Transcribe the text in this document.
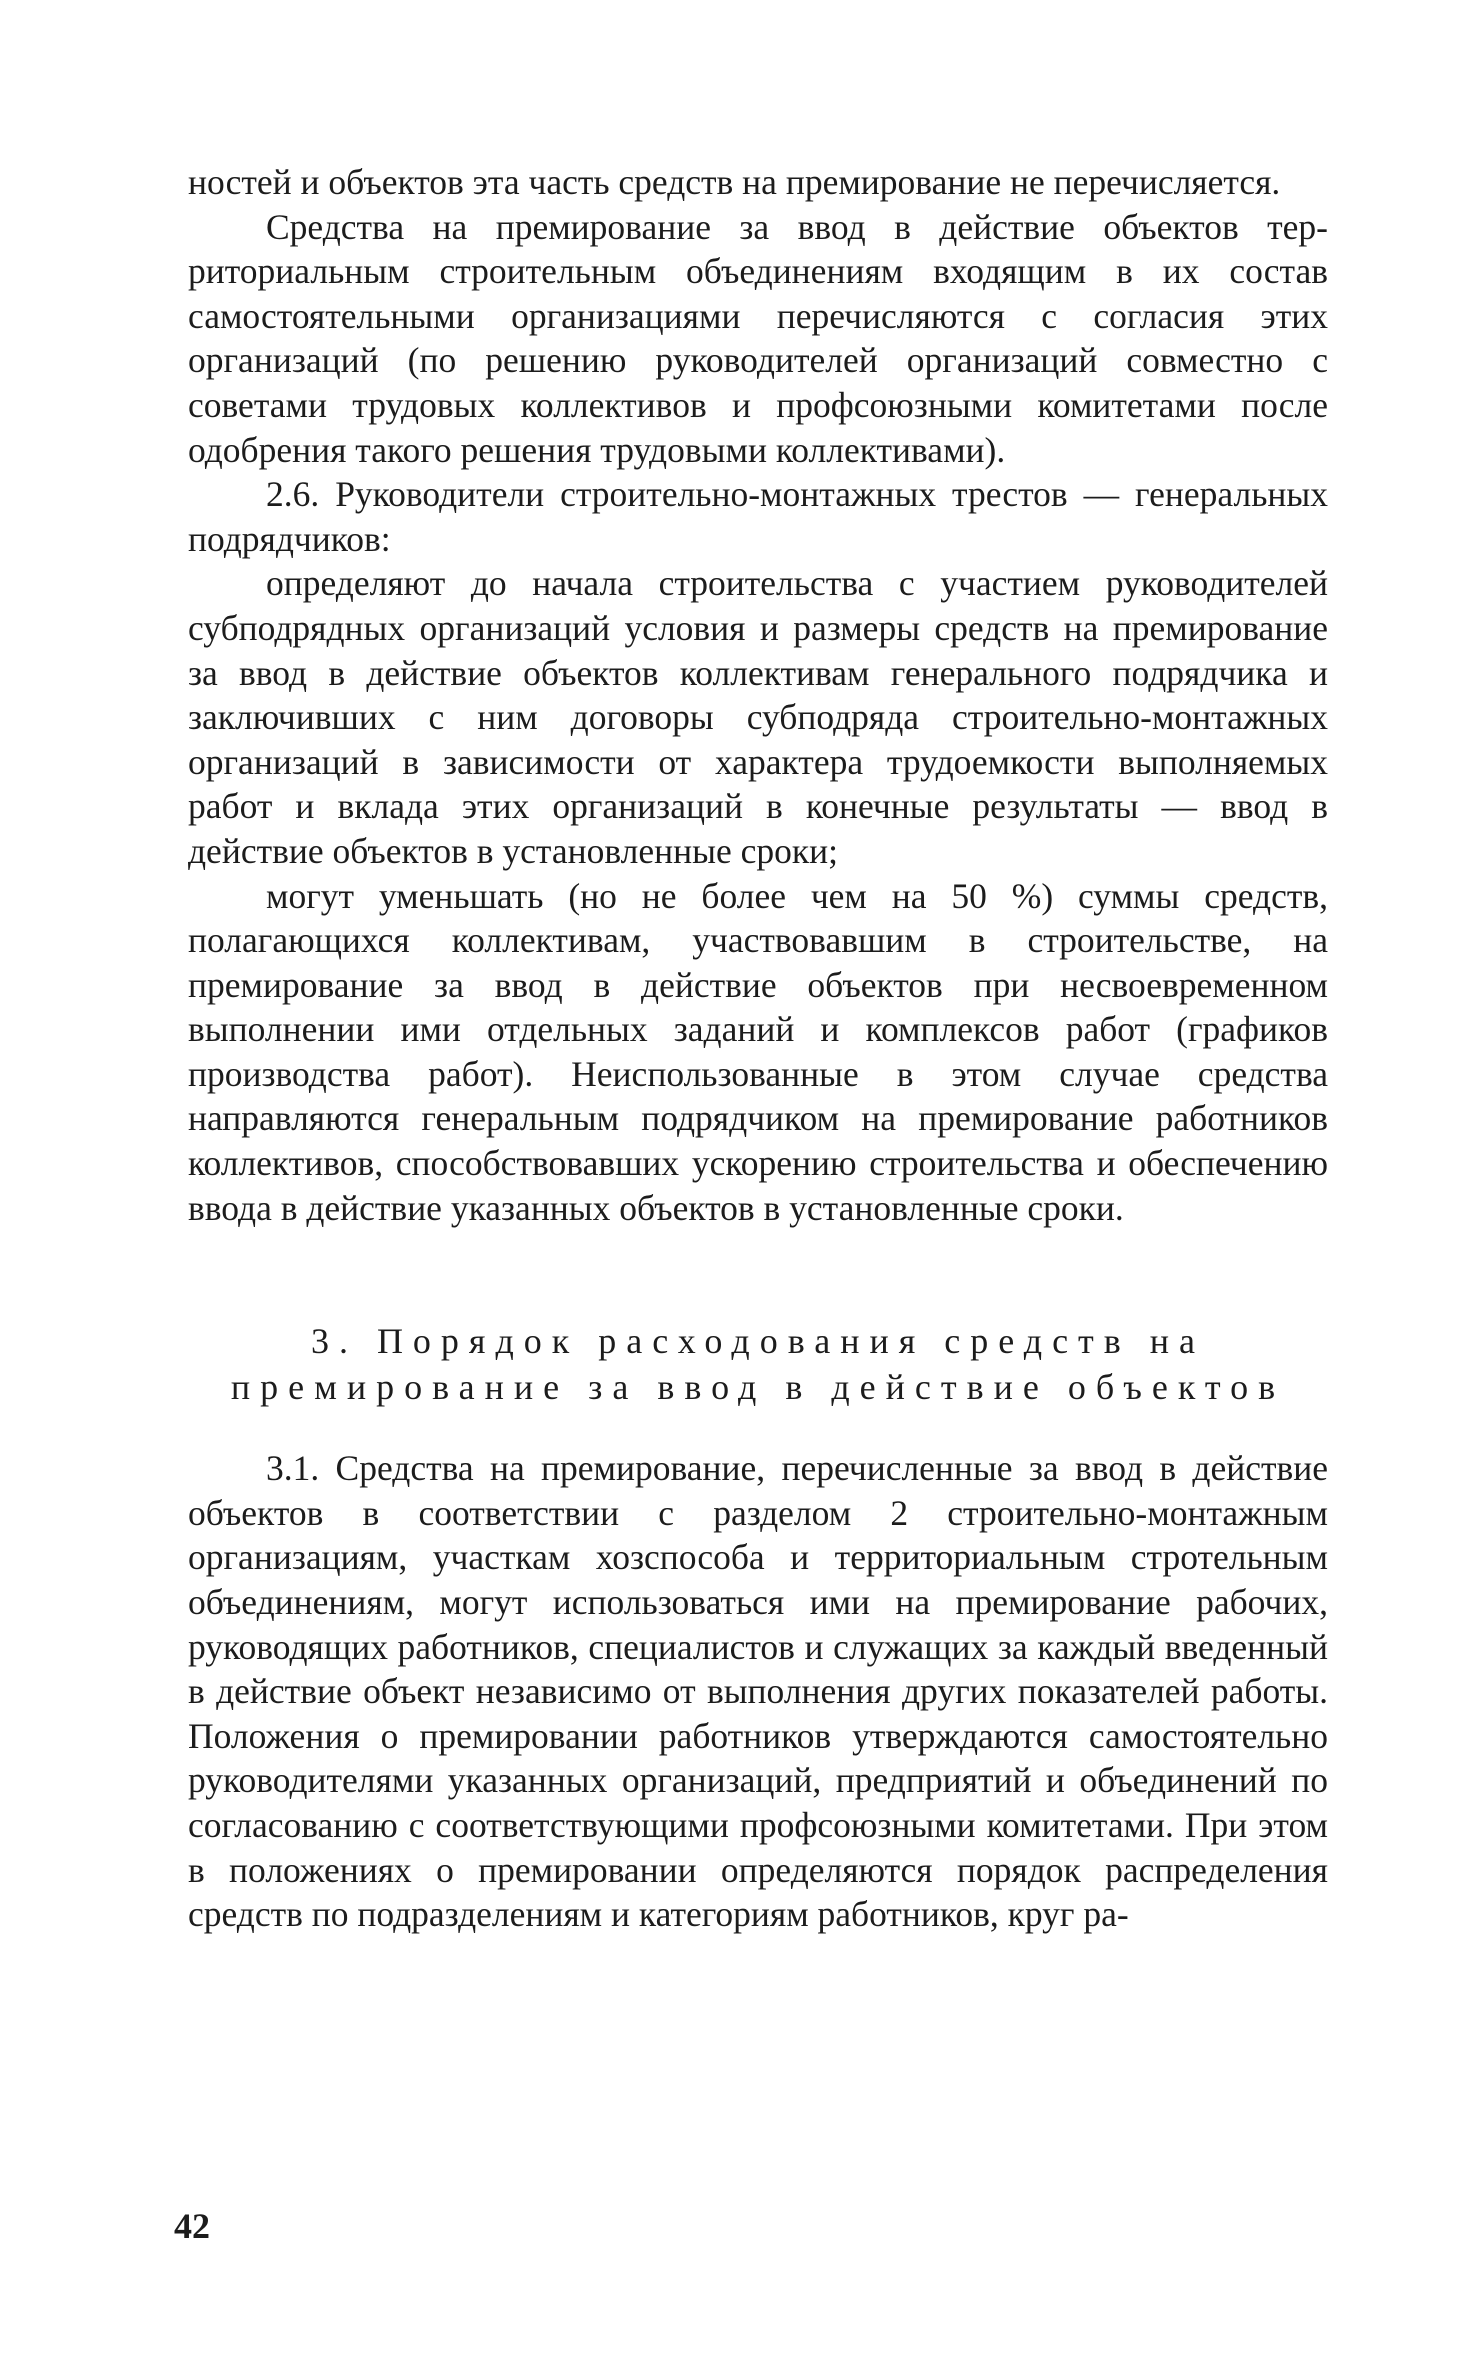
ностей и объектов эта часть средств на премирование не перечисляется.

Средства на премирование за ввод в действие объектов территориальным строительным объединениям входящим в их состав самостоятельными организациями перечисляются с согласия этих организаций (по решению руководителей организаций совместно с советами трудовых коллективов и профсоюзными комитетами после одобрения такого решения трудовыми коллективами).

2.6. Руководители строительно-монтажных трестов — генеральных подрядчиков:

определяют до начала строительства с участием руководителей субподрядных организаций условия и размеры средств на премирование за ввод в действие объектов коллективам генерального подрядчика и заключивших с ним договоры субподряда строительно-монтажных организаций в зависимости от характера трудоемкости выполняемых работ и вклада этих организаций в конечные результаты — ввод в действие объектов в установленные сроки;

могут уменьшать (но не более чем на 50 %) суммы средств, полагающихся коллективам, участвовавшим в строительстве, на премирование за ввод в действие объектов при несвоевременном выполнении ими отдельных заданий и комплексов работ (графиков производства работ). Неиспользованные в этом случае средства направляются генеральным подрядчиком на премирование работников коллективов, способствовавших ускорению строительства и обеспечению ввода в действие указанных объектов в установленные сроки.

3. Порядок расходования средств на

премирование за ввод в действие объектов

3.1. Средства на премирование, перечисленные за ввод в действие объектов в соответствии с разделом 2 строительно-монтажным организациям, участкам хозспособа и территориальным стротельным объединениям, могут использоваться ими на премирование рабочих, руководящих работников, специалистов и служащих за каждый введенный в действие объект независимо от выполнения других показателей работы. Положения о премировании работников утверждаются самостоятельно руководителями указанных организаций, предприятий и объединений по согласованию с соответствующими профсоюзными комитетами. При этом в положениях о премировании определяются порядок распределения средств по подразделениям и категориям работников, круг ра-

42
